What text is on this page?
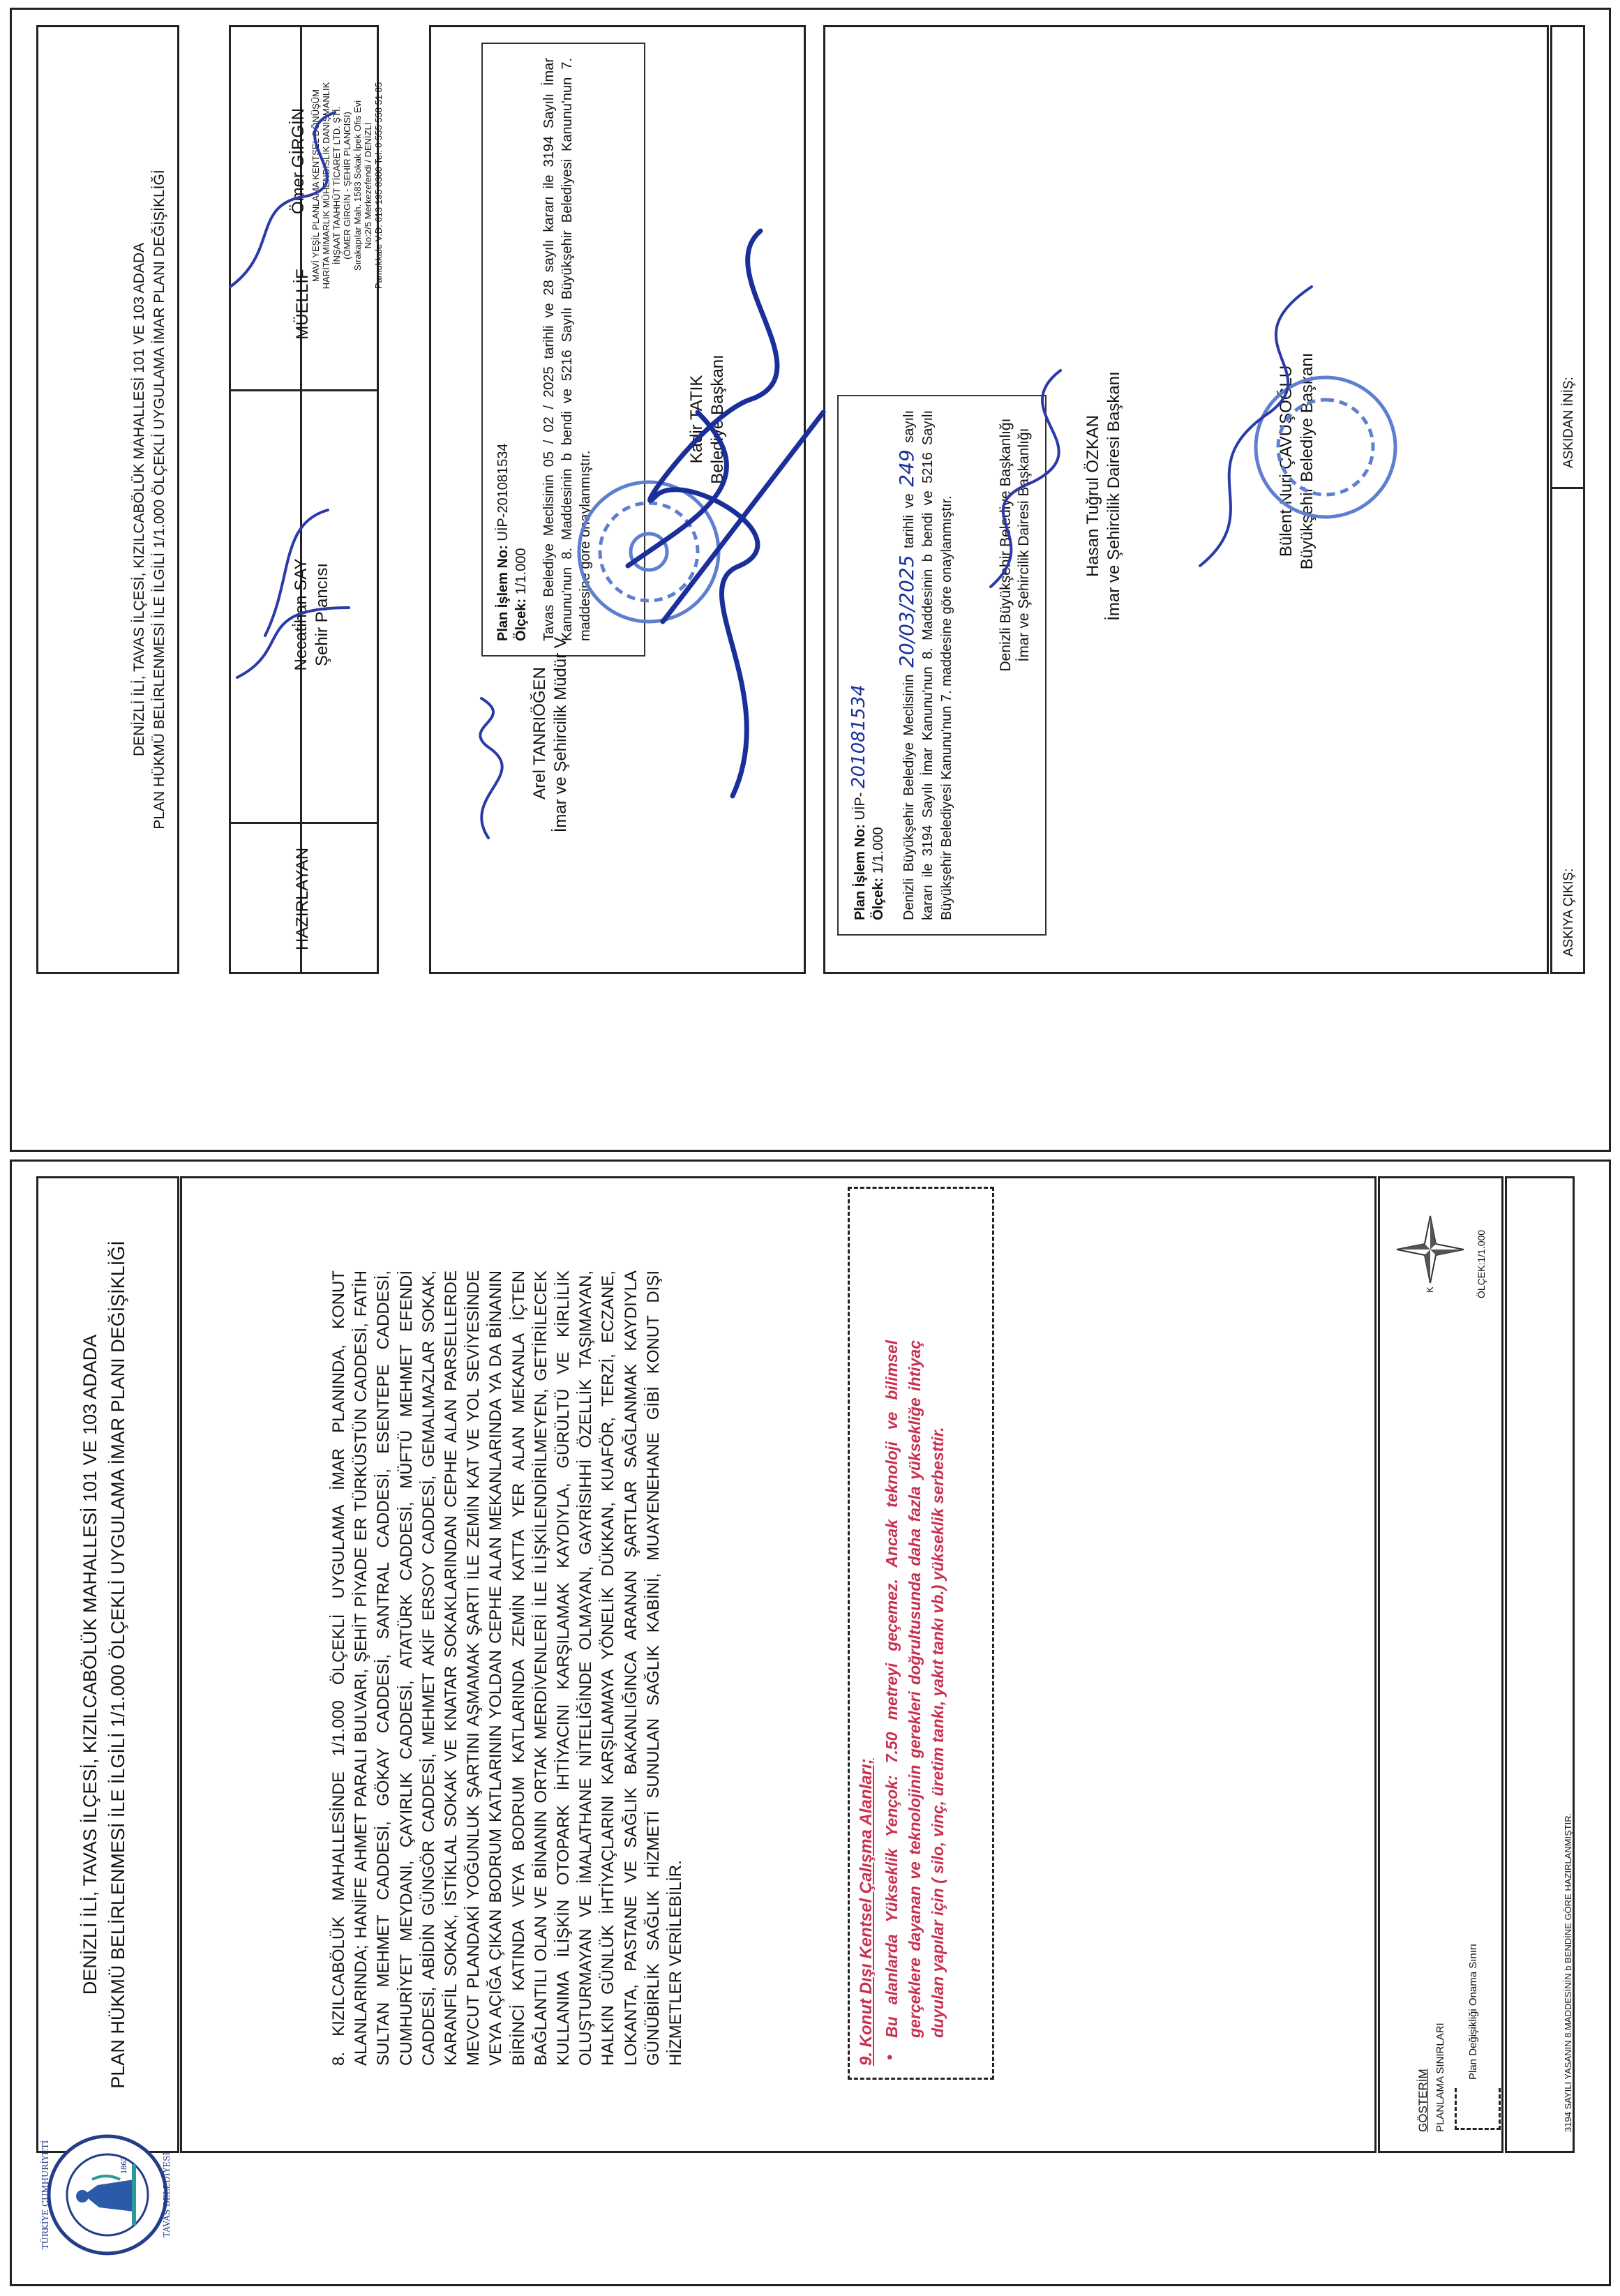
DENİZLİ İLİ, TAVAS İLÇESİ, KIZILCABÖLÜK MAHALLESİ 101 VE 103 ADADA PLAN HÜKMÜ BELİRLENMESİ İLE İLGİLİ 1/1.000 ÖLÇEKLİ UYGULAMA İMAR PLANI DEĞİŞİKLİĞİ
TÜRKİYE CUMHURİYETİ	TAVAS BELEDİYESİ
1863
8. KIZILCABÖLÜK MAHALLESİNDE 1/1.000 ÖLÇEKLİ UYGULAMA İMAR PLANINDA, KONUT ALANLARINDA; HANİFE AHMET PARALI BULVARI, ŞEHİT PİYADE ER TÜRKÜSTÜN CADDESİ, FATİH SULTAN MEHMET CADDESİ, GÖKAY CADDESİ, SANTRAL CADDESİ, ESENTEPE CADDESİ, CUMHURİYET MEYDANI, ÇAYIRLIK CADDESİ, ATATÜRK CADDESİ, MÜFTÜ MEHMET EFENDİ CADDESİ, ABİDİN GÜNGÖR CADDESİ, MEHMET AKİF ERSOY CADDESİ, GEMALMAZLAR SOKAK, KARANFİL SOKAK, İSTİKLAL SOKAK VE KNATAR SOKAKLARINDAN CEPHE ALAN PARSELLERDE MEVCUT PLANDAKİ YOĞUNLUK ŞARTINI AŞMAMAK ŞARTI İLE ZEMİN KAT VE YOL SEVİYESİNDE VEYA AÇIĞA ÇIKAN BODRUM KATLARININ YOLDAN CEPHE ALAN MEKANLARINDA YA DA BİNANIN BİRİNCİ KATINDA VEYA BODRUM KATLARINDA ZEMİN KATTA YER ALAN MEKANLA İÇTEN BAĞLANTILI OLAN VE BİNANIN ORTAK MERDİVENLERİ İLE İLİŞKİLENDİRİLMEYEN, GETİRİLECEK KULLANIMA İLİŞKİN OTOPARK İHTİYACINI KARŞILAMAK KAYDIYLA, GÜRÜLTÜ VE KİRLİLİK OLUŞTURMAYAN VE İMALATHANE NİTELİĞİNDE OLMAYAN, GAYRİSIHHİ ÖZELLİK TAŞIMAYAN, HALKIN GÜNLÜK İHTİYAÇLARINI KARŞILAMAYA YÖNELİK DÜKKAN, KUAFÖR, TERZİ, ECZANE, LOKANTA, PASTANE VE SAĞLIK BAKANLIĞINCA ARANAN ŞARTLAR SAĞLANMAK KAYDIYLA GÜNÜBİRLİK SAĞLIK HİZMETİ SUNULAN SAĞLIK KABİNİ, MUAYENEHANE GİBİ KONUT DIŞI HİZMETLER VERİLEBİLİR.	9. Konut Dışı Kentsel Çalışma Alanları; •
Bu alanlarda Yükseklik Yençok: 7.50 metreyi geçemez. Ancak teknoloji ve bilimsel gerçeklere dayanan ve teknolojinin gerekleri doğrultusunda daha fazla yüksekliğe ihtiyaç duyulan yapılar için ( silo, vinç, üretim tankı, yakıt tankı vb.) yükseklik serbesttir.
K	ÖLÇEK:1/1.000
GÖSTERİM PLANLAMA SINIRLARI Plan Değişikliği Onama Sınırı	3194 SAYILI YASANIN 8.MADDESİNİN b BENDİNE GÖRE HAZIRLANMIŞTIR.
DENİZLİ İLİ, TAVAS İLÇESİ, KIZILCABÖLÜK MAHALLESİ 101 VE 103 ADADA PLAN HÜKMÜ BELİRLENMESİ İLE İLGİLİ 1/1.000 ÖLÇEKLİ UYGULAMA İMAR PLANI DEĞİŞİKLİĞİ
HAZIRLAYAN
Necati̇han SAY Şehir Plancısı
MÜELLİF
Ömer GİRGİN MAVİ YEŞİL PLANLAMA KENTSEL DÖNÜŞÜM HARİTA MİMARLIK MÜHENDİSLİK DANIŞMANLIK İNŞAAT TAAHHÜT TİCARET LTD. ŞTİ. (ÖMER GİRGİN - ŞEHİR PLANCISI) Sırakapılar Mah. 1583 Sokak İpek Ofis Evi No:2/5 Merkezefendi / DENİZLİ Pamukkale V.D. 613 195 8380 Tel: 0 555 558 51 85
Plan İşlem No: UİP-201081534
Ölçek: 1/1.000 Tavas Belediye Meclisinin 05 / 02 / 2025 tarihli ve 28 sayılı kararı ile 3194 Sayılı İmar Kanunu'nun 8. Maddesinin b bendi ve 5216 Sayılı Büyükşehir Belediyesi Kanunu'nun 7. maddesine göre onaylanmıştır.
Arel TANRIÖĞEN İmar ve Şehircilik Müdür V.
Kadir TATIK Belediye Başkanı
Plan İşlem No: UİP- 201081534
Ölçek: 1/1.000	Denizli Büyükşehir Belediye Meclisinin 20/03/2025 tarihli ve 249 sayılı kararı ile 3194 Sayılı İmar Kanunu'nun 8. Maddesinin b bendi ve 5216 Sayılı Büyükşehir Belediyesi Kanunu'nun 7. maddesine göre onaylanmıştır.	Denizli Büyükşehir Belediye Başkanlığı İmar ve Şehircilik Dairesi Başkanlığı	Hasan Tuğrul ÖZKAN İmar ve Şehircilik Dairesi Başkanı	Bülent Nuri ÇAVUŞOĞLU Büyükşehir Belediye Başkanı
ASKIYA ÇIKIŞ:
ASKIDAN İNİŞ:
